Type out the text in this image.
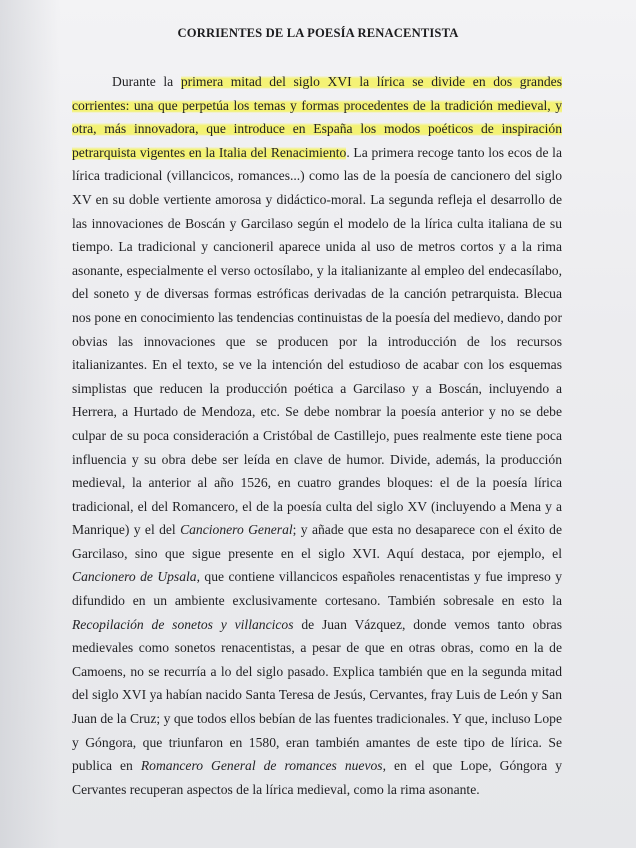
CORRIENTES DE LA POESÍA RENACENTISTA

Durante la primera mitad del siglo XVI la lírica se divide en dos grandes corrientes: una que perpetúa los temas y formas procedentes de la tradición medieval, y otra, más innovadora, que introduce en España los modos poéticos de inspiración petrarquista vigentes en la Italia del Renacimiento. La primera recoge tanto los ecos de la lírica tradicional (villancicos, romances...) como las de la poesía de cancionero del siglo XV en su doble vertiente amorosa y didáctico-moral. La segunda refleja el desarrollo de las innovaciones de Boscán y Garcilaso según el modelo de la lírica culta italiana de su tiempo. La tradicional y cancioneril aparece unida al uso de metros cortos y a la rima asonante, especialmente el verso octosílabo, y la italianizante al empleo del endecasílabo, del soneto y de diversas formas estróficas derivadas de la canción petrarquista. Blecua nos pone en conocimiento las tendencias continuistas de la poesía del medievo, dando por obvias las innovaciones que se producen por la introducción de los recursos italianizantes. En el texto, se ve la intención del estudioso de acabar con los esquemas simplistas que reducen la producción poética a Garcilaso y a Boscán, incluyendo a Herrera, a Hurtado de Mendoza, etc. Se debe nombrar la poesía anterior y no se debe culpar de su poca consideración a Cristóbal de Castillejo, pues realmente este tiene poca influencia y su obra debe ser leída en clave de humor. Divide, además, la producción medieval, la anterior al año 1526, en cuatro grandes bloques: el de la poesía lírica tradicional, el del Romancero, el de la poesía culta del siglo XV (incluyendo a Mena y a Manrique) y el del Cancionero General; y añade que esta no desaparece con el éxito de Garcilaso, sino que sigue presente en el siglo XVI. Aquí destaca, por ejemplo, el Cancionero de Upsala, que contiene villancicos españoles renacentistas y fue impreso y difundido en un ambiente exclusivamente cortesano. También sobresale en esto la Recopilación de sonetos y villancicos de Juan Vázquez, donde vemos tanto obras medievales como sonetos renacentistas, a pesar de que en otras obras, como en la de Camoens, no se recurría a lo del siglo pasado. Explica también que en la segunda mitad del siglo XVI ya habían nacido Santa Teresa de Jesús, Cervantes, fray Luis de León y San Juan de la Cruz; y que todos ellos bebían de las fuentes tradicionales. Y que, incluso Lope y Góngora, que triunfaron en 1580, eran también amantes de este tipo de lírica. Se publica en Romancero General de romances nuevos, en el que Lope, Góngora y Cervantes recuperan aspectos de la lírica medieval, como la rima asonante.
